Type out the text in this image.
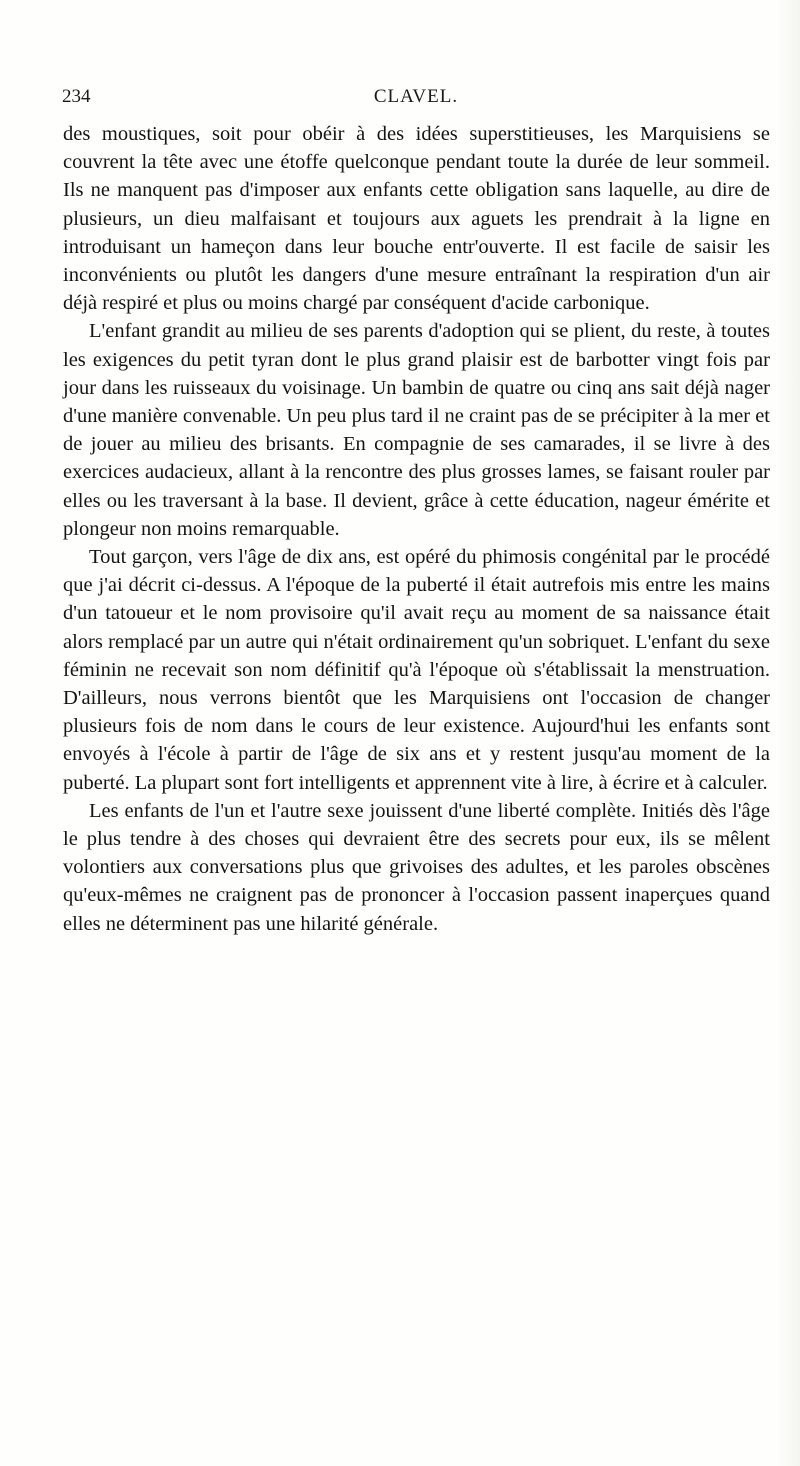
234	CLAVEL.

des moustiques, soit pour obéir à des idées superstitieuses, les Marquisiens se couvrent la tête avec une étoffe quelconque pendant toute la durée de leur sommeil. Ils ne manquent pas d'imposer aux enfants cette obligation sans laquelle, au dire de plusieurs, un dieu malfaisant et toujours aux aguets les prendrait à la ligne en introduisant un hameçon dans leur bouche entr'ouverte. Il est facile de saisir les inconvénients ou plutôt les dangers d'une mesure entraînant la respiration d'un air déjà respiré et plus ou moins chargé par conséquent d'acide carbonique.

L'enfant grandit au milieu de ses parents d'adoption qui se plient, du reste, à toutes les exigences du petit tyran dont le plus grand plaisir est de barbotter vingt fois par jour dans les ruisseaux du voisinage. Un bambin de quatre ou cinq ans sait déjà nager d'une manière convenable. Un peu plus tard il ne craint pas de se précipiter à la mer et de jouer au milieu des brisants. En compagnie de ses camarades, il se livre à des exercices audacieux, allant à la rencontre des plus grosses lames, se faisant rouler par elles ou les traversant à la base. Il devient, grâce à cette éducation, nageur émérite et plongeur non moins remarquable.

Tout garçon, vers l'âge de dix ans, est opéré du phimosis congénital par le procédé que j'ai décrit ci-dessus. A l'époque de la puberté il était autrefois mis entre les mains d'un tatoueur et le nom provisoire qu'il avait reçu au moment de sa naissance était alors remplacé par un autre qui n'était ordinairement qu'un sobriquet. L'enfant du sexe féminin ne recevait son nom définitif qu'à l'époque où s'établissait la menstruation. D'ailleurs, nous verrons bientôt que les Marquisiens ont l'occasion de changer plusieurs fois de nom dans le cours de leur existence. Aujourd'hui les enfants sont envoyés à l'école à partir de l'âge de six ans et y restent jusqu'au moment de la puberté. La plupart sont fort intelligents et apprennent vite à lire, à écrire et à calculer.

Les enfants de l'un et l'autre sexe jouissent d'une liberté complète. Initiés dès l'âge le plus tendre à des choses qui devraient être des secrets pour eux, ils se mêlent volontiers aux conversations plus que grivoises des adultes, et les paroles obscènes qu'eux-mêmes ne craignent pas de prononcer à l'occasion passent inaperçues quand elles ne déterminent pas une hilarité générale.
